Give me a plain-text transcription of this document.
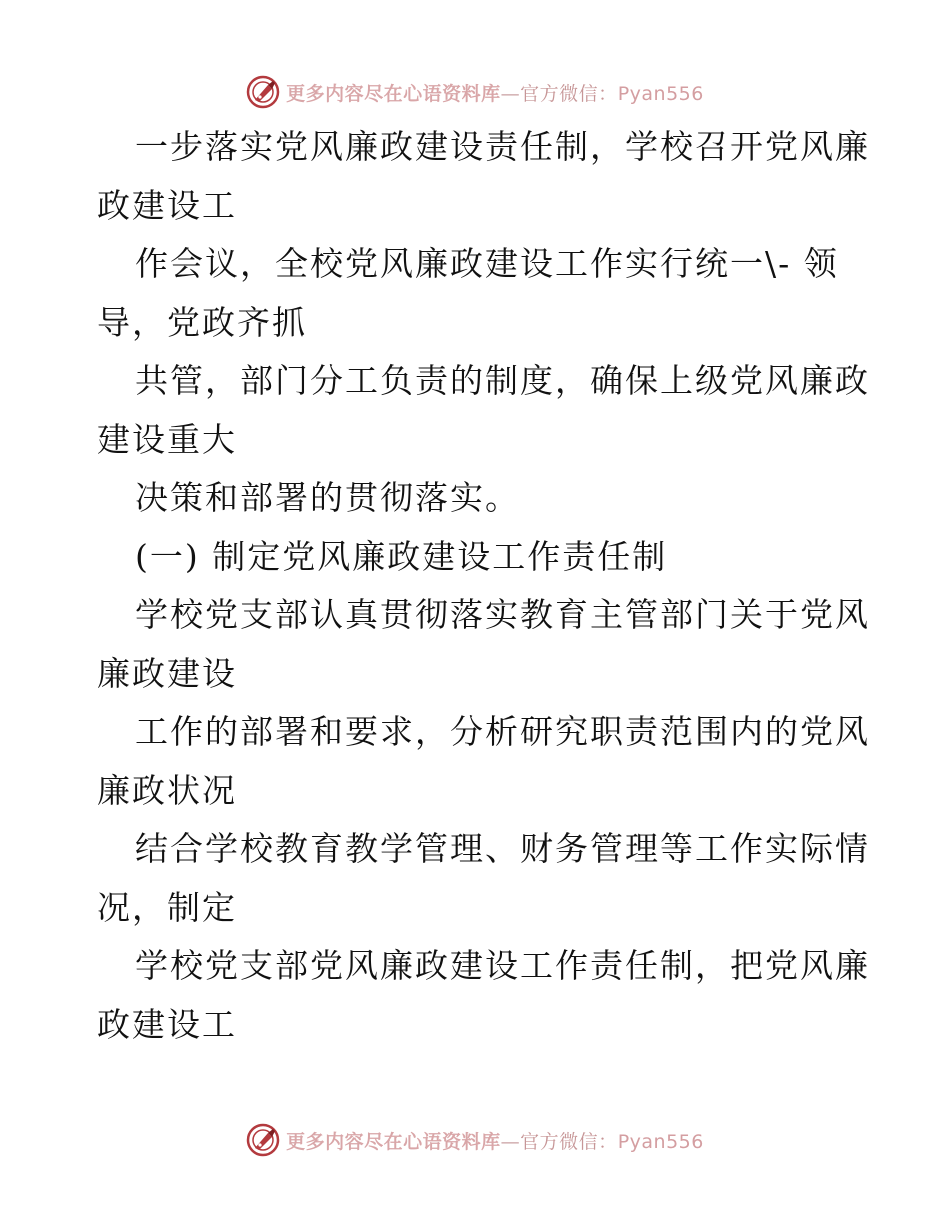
更多内容尽在心语资料库—官方微信：Pyan556
一步落实党风廉政建设责任制，学校召开党风廉
政建设工
作会议，全校党风廉政建设工作实行统一\- 领
导，党政齐抓
共管，部门分工负责的制度，确保上级党风廉政
建设重大
决策和部署的贯彻落实。
(一) 制定党风廉政建设工作责任制
学校党支部认真贯彻落实教育主管部门关于党风
廉政建设
工作的部署和要求，分析研究职责范围内的党风
廉政状况
结合学校教育教学管理、财务管理等工作实际情
况，制定
学校党支部党风廉政建设工作责任制，把党风廉
政建设工
更多内容尽在心语资料库—官方微信：Pyan556
